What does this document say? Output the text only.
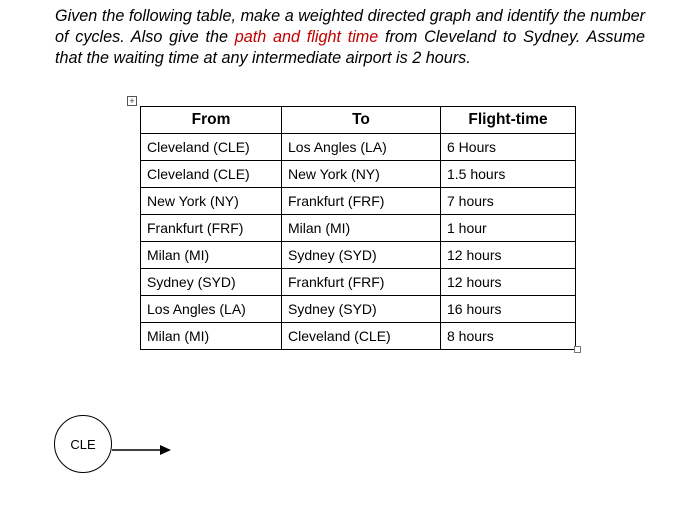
Given the following table, make a weighted directed graph and identify the number of cycles. Also give the path and flight time from Cleveland to Sydney. Assume that the waiting time at any intermediate airport is 2 hours.
+
From	To	Flight-time
Cleveland (CLE)	Los Angles (LA)	6 Hours
Cleveland (CLE)	New York (NY)	1.5 hours
New York (NY)	Frankfurt (FRF)	7 hours
Frankfurt (FRF)	Milan (MI)	1 hour
Milan (MI)	Sydney (SYD)	12 hours
Sydney (SYD)	Frankfurt (FRF)	12 hours
Los Angles (LA)	Sydney (SYD)	16 hours
Milan (MI)	Cleveland (CLE)	8 hours
CLE
